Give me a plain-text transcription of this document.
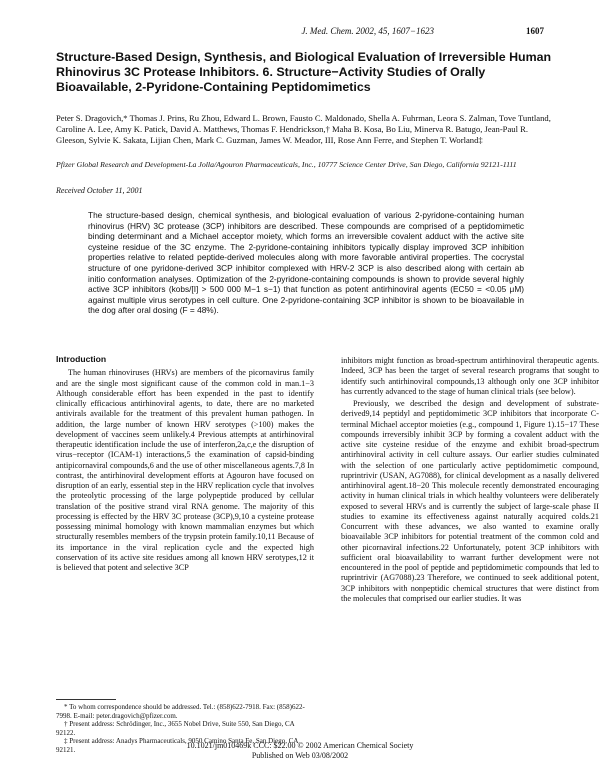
J. Med. Chem. 2002, 45, 1607−1623	1607
Structure-Based Design, Synthesis, and Biological Evaluation of Irreversible Human Rhinovirus 3C Protease Inhibitors. 6. Structure−Activity Studies of Orally Bioavailable, 2-Pyridone-Containing Peptidomimetics
Peter S. Dragovich,* Thomas J. Prins, Ru Zhou, Edward L. Brown, Fausto C. Maldonado, Shella A. Fuhrman, Leora S. Zalman, Tove Tuntland, Caroline A. Lee, Amy K. Patick, David A. Matthews, Thomas F. Hendrickson,† Maha B. Kosa, Bo Liu, Minerva R. Batugo, Jean-Paul R. Gleeson, Sylvie K. Sakata, Lijian Chen, Mark C. Guzman, James W. Meador, III, Rose Ann Ferre, and Stephen T. Worland‡
Pfizer Global Research and Development-La Jolla/Agouron Pharmaceuticals, Inc., 10777 Science Center Drive, San Diego, California 92121-1111
Received October 11, 2001
The structure-based design, chemical synthesis, and biological evaluation of various 2-pyridone-containing human rhinovirus (HRV) 3C protease (3CP) inhibitors are described. These compounds are comprised of a peptidomimetic binding determinant and a Michael acceptor moiety, which forms an irreversible covalent adduct with the active site cysteine residue of the 3C enzyme. The 2-pyridone-containing inhibitors typically display improved 3CP inhibition properties relative to related peptide-derived molecules along with more favorable antiviral properties. The cocrystal structure of one pyridone-derived 3CP inhibitor complexed with HRV-2 3CP is also described along with certain ab initio conformation analyses. Optimization of the 2-pyridone-containing compounds is shown to provide several highly active 3CP inhibitors (kobs/[I] > 500 000 M−1 s−1) that function as potent antirhinoviral agents (EC50 = <0.05 μM) against multiple virus serotypes in cell culture. One 2-pyridone-containing 3CP inhibitor is shown to be bioavailable in the dog after oral dosing (F = 48%).
Introduction

The human rhinoviruses (HRVs) are members of the picornavirus family and are the single most significant cause of the common cold in man.1−3 Although considerable effort has been expended in the past to identify clinically efficacious antirhinoviral agents, to date, there are no marketed antivirals available for the treatment of this prevalent human pathogen. In addition, the large number of known HRV serotypes (>100) makes the development of vaccines seem unlikely.4 Previous attempts at antirhinoviral therapeutic identification include the use of interferon,2a,c,e the disruption of virus−receptor (ICAM-1) interactions,5 the examination of capsid-binding antipicornaviral compounds,6 and the use of other miscellaneous agents.7,8 In contrast, the antirhinoviral development efforts at Agouron have focused on disruption of an early, essential step in the HRV replication cycle that involves the proteolytic processing of the large polypeptide produced by cellular translation of the positive strand viral RNA genome. The majority of this processing is effected by the HRV 3C protease (3CP),9,10 a cysteine protease possessing minimal homology with known mammalian enzymes but which structurally resembles members of the trypsin protein family.10,11 Because of its importance in the viral replication cycle and the expected high conservation of its active site residues among all known HRV serotypes,12 it is believed that potent and selective 3CP

inhibitors might function as broad-spectrum antirhinoviral therapeutic agents. Indeed, 3CP has been the target of several research programs that sought to identify such antirhinoviral compounds,13 although only one 3CP inhibitor has currently advanced to the stage of human clinical trials (see below).

Previously, we described the design and development of substrate-derived9,14 peptidyl and peptidomimetic 3CP inhibitors that incorporate C-terminal Michael acceptor moieties (e.g., compound 1, Figure 1).15−17 These compounds irreversibly inhibit 3CP by forming a covalent adduct with the active site cysteine residue of the enzyme and exhibit broad-spectrum antirhinoviral activity in cell culture assays. Our earlier studies culminated with the selection of one particularly active peptidomimetic compound, ruprintrivir (USAN, AG7088), for clinical development as a nasally delivered antirhinoviral agent.18−20 This molecule recently demonstrated encouraging activity in human clinical trials in which healthy volunteers were deliberately exposed to several HRVs and is currently the subject of large-scale phase II studies to examine its effectiveness against naturally acquired colds.21 Concurrent with these advances, we also wanted to examine orally bioavailable 3CP inhibitors for potential treatment of the common cold and other picornaviral infections.22 Unfortunately, potent 3CP inhibitors with sufficient oral bioavailability to warrant further development were not encountered in the pool of peptide and peptidomimetic compounds that led to ruprintrivir (AG7088).23 Therefore, we continued to seek additional potent, 3CP inhibitors with nonpeptidic chemical structures that were distinct from the molecules that comprised our earlier studies. It was

* To whom correspondence should be addressed. Tel.: (858)622-7918. Fax: (858)622-7998. E-mail: peter.dragovich@pfizer.com.
† Present address: Schrödinger, Inc., 3655 Nobel Drive, Suite 550, San Diego, CA 92122.
‡ Present address: Anadys Pharmaceuticals, 9050 Camino Santa Fe, San Diego, CA 92121.	10.1021/jm010469k CCC: $22.00 © 2002 American Chemical Society
Published on Web 03/08/2002
